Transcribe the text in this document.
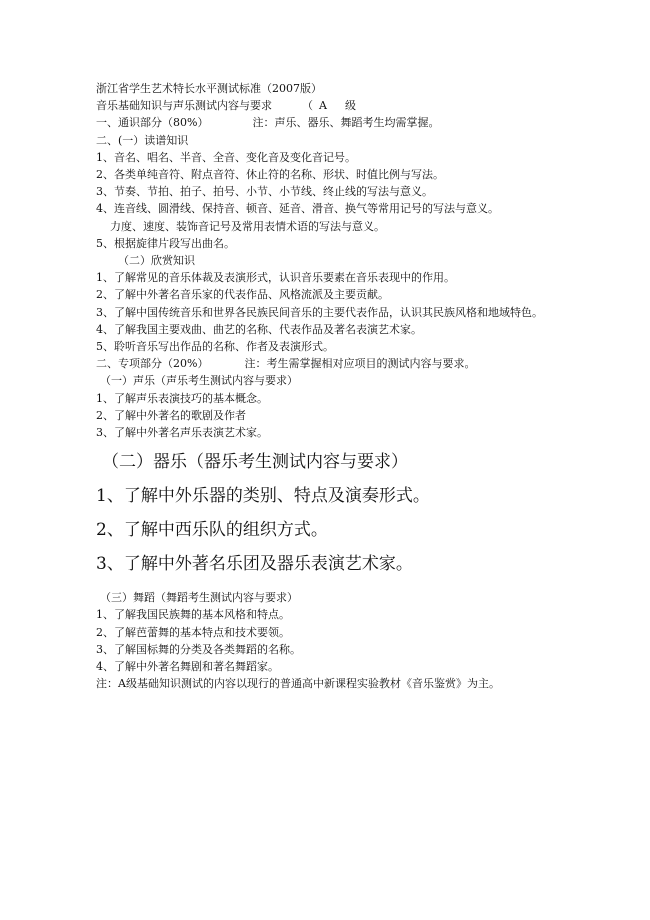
浙江省学生艺术特长水平测试标准（2007版）
音乐基础知识与声乐测试内容与要求	（ A 级
一、通识部分（80%）	注：声乐、器乐、舞蹈考生均需掌握。
二、(一）读谱知识
1、音名、唱名、半音、全音、变化音及变化音记号。
2、各类单纯音符、附点音符、休止符的名称、形状、时值比例与写法。
3、节奏、节拍、拍子、拍号、小节、小节线、终止线的写法与意义。
4、连音线、圆滑线、保持音、顿音、延音、滑音、换气等常用记号的写法与意义。
力度、速度、装饰音记号及常用表情术语的写法与意义。
5、根据旋律片段写出曲名。
（二）欣赏知识
1、了解常见的音乐体裁及表演形式，认识音乐要素在音乐表现中的作用。
2、了解中外著名音乐家的代表作品、风格流派及主要贡献。
3、了解中国传统音乐和世界各民族民间音乐的主要代表作品，认识其民族风格和地域特色。
4、了解我国主要戏曲、曲艺的名称、代表作品及著名表演艺术家。
5、聆听音乐写出作品的名称、作者及表演形式。
二、专项部分（20%）	注：考生需掌握相对应项目的测试内容与要求。
（一）声乐（声乐考生测试内容与要求）
1、了解声乐表演技巧的基本概念。
2、了解中外著名的歌剧及作者
3、了解中外著名声乐表演艺术家。
（二）器乐（器乐考生测试内容与要求）
1、了解中外乐器的类别、特点及演奏形式。
2、了解中西乐队的组织方式。
3、了解中外著名乐团及器乐表演艺术家。
（三）舞蹈（舞蹈考生测试内容与要求）
1、了解我国民族舞的基本风格和特点。
2、了解芭蕾舞的基本特点和技术要领。
3、了解国标舞的分类及各类舞蹈的名称。
4、了解中外著名舞剧和著名舞蹈家。
注：A级基础知识测试的内容以现行的普通高中新课程实验教材《音乐鉴赏》为主。
